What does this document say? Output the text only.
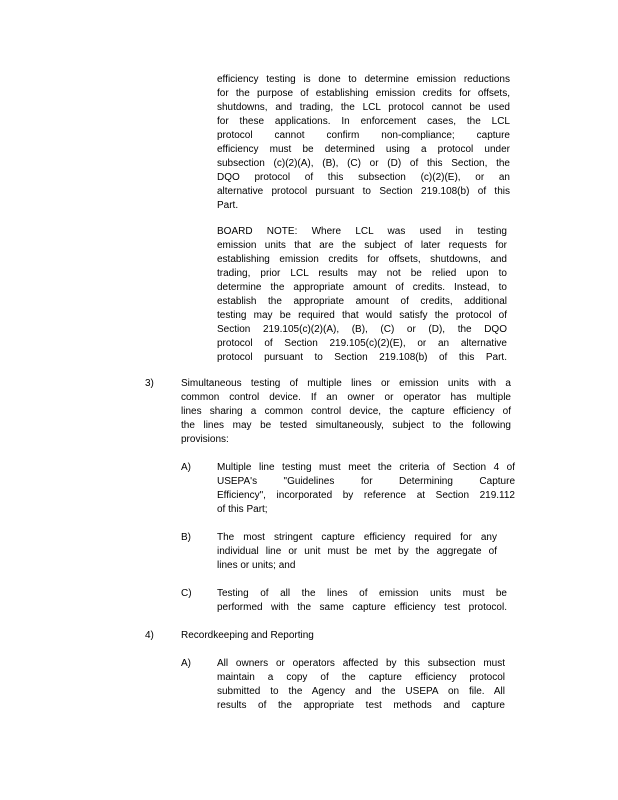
efficiency testing is done to determine emission reductions
for the purpose of establishing emission credits for offsets,
shutdowns, and trading, the LCL protocol cannot be used
for these applications. In enforcement cases, the LCL
protocol cannot confirm non-compliance; capture
efficiency must be determined using a protocol under
subsection (c)(2)(A), (B), (C) or (D) of this Section, the
DQO protocol of this subsection (c)(2)(E), or an
alternative protocol pursuant to Section 219.108(b) of this
Part.
BOARD NOTE: Where LCL was used in testing
emission units that are the subject of later requests for
establishing emission credits for offsets, shutdowns, and
trading, prior LCL results may not be relied upon to
determine the appropriate amount of credits. Instead, to
establish the appropriate amount of credits, additional
testing may be required that would satisfy the protocol of
Section 219.105(c)(2)(A), (B), (C) or (D), the DQO
protocol of Section 219.105(c)(2)(E), or an alternative
protocol pursuant to Section 219.108(b) of this Part.
3)	Simultaneous testing of multiple lines or emission units with a
common control device. If an owner or operator has multiple
lines sharing a common control device, the capture efficiency of
the lines may be tested simultaneously, subject to the following
provisions:
A)	Multiple line testing must meet the criteria of Section 4 of
USEPA's "Guidelines for Determining Capture
Efficiency", incorporated by reference at Section 219.112
of this Part;
B)	The most stringent capture efficiency required for any
individual line or unit must be met by the aggregate of
lines or units; and
C)	Testing of all the lines of emission units must be
performed with the same capture efficiency test protocol.
4)	Recordkeeping and Reporting
A)	All owners or operators affected by this subsection must
maintain a copy of the capture efficiency protocol
submitted to the Agency and the USEPA on file. All
results of the appropriate test methods and capture
